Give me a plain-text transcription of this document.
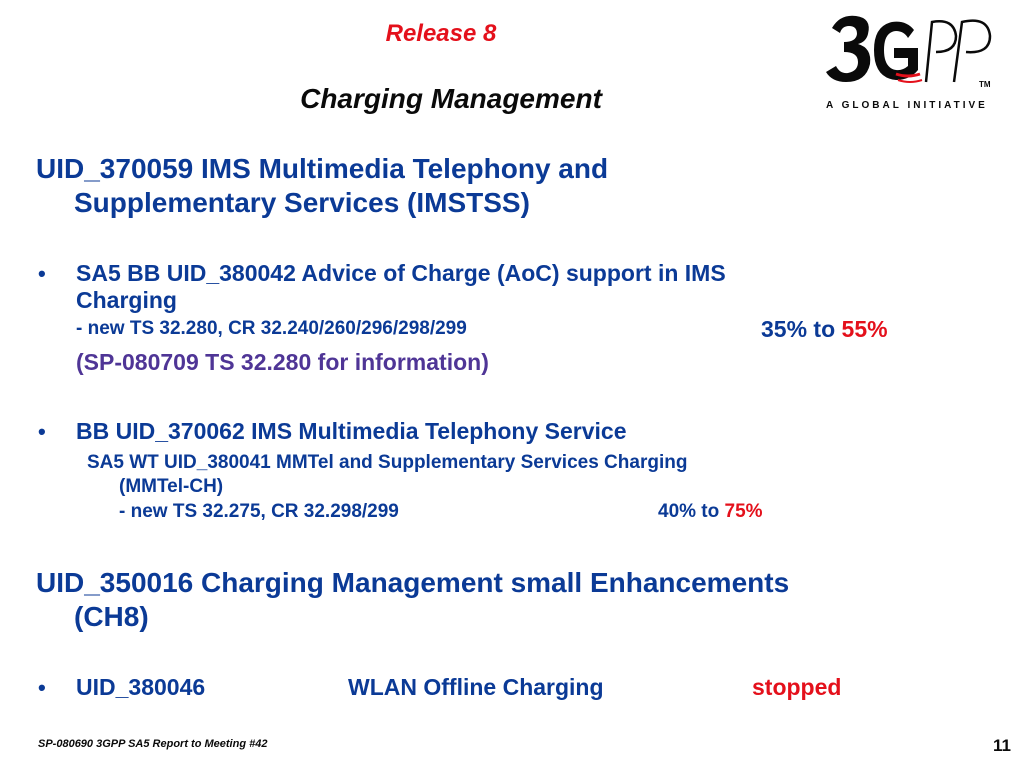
Release 8
Charging Management	TM
A GLOBAL INITIATIVE
UID_370059 IMS Multimedia Telephony and
Supplementary Services (IMSTSS)
• SA5 BB UID_380042 Advice of Charge (AoC) support in IMS
Charging
- new TS 32.280, CR 32.240/260/296/298/299	35% to 55%
(SP-080709 TS 32.280 for information)
• BB UID_370062 IMS Multimedia Telephony Service
SA5 WT UID_380041 MMTel and Supplementary Services Charging
(MMTel-CH)
- new TS 32.275, CR 32.298/299	40% to 75%
UID_350016 Charging Management small Enhancements
(CH8)
• UID_380046	WLAN Offline Charging	stopped
SP-080690 3GPP SA5 Report to Meeting #42	11
